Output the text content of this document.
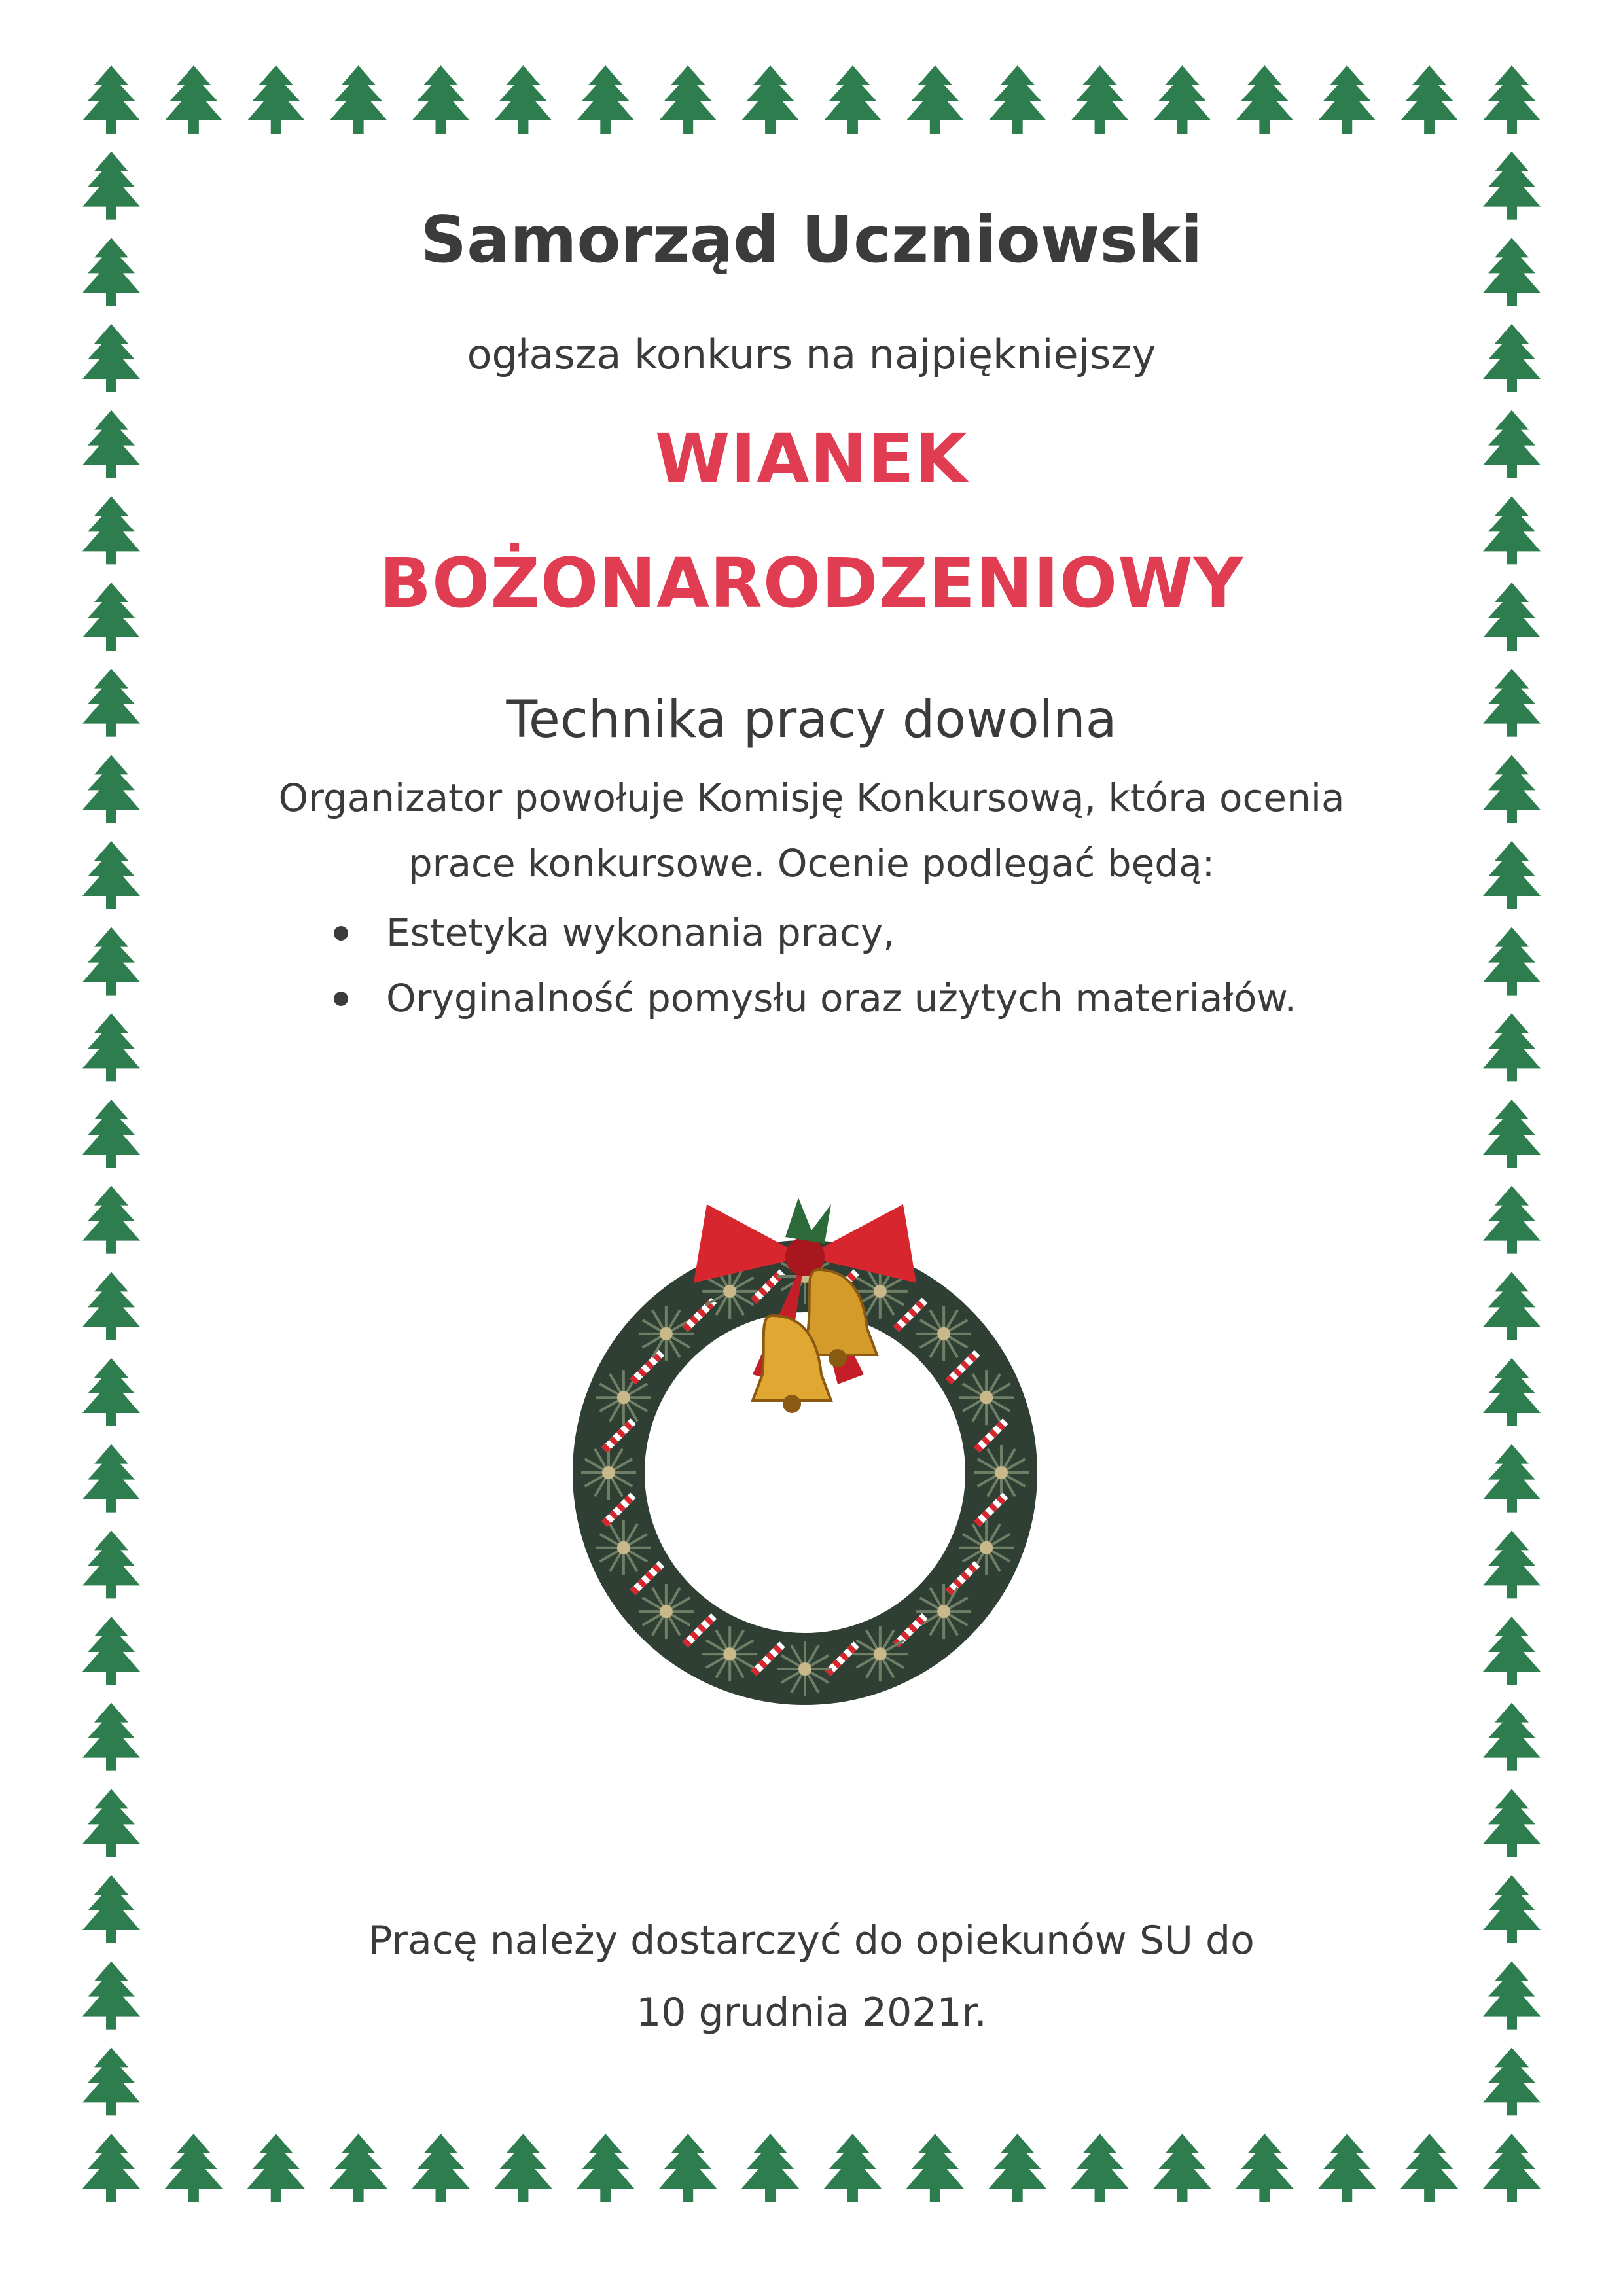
Samorząd Uczniowski
ogłasza konkurs na najpiękniejszy
WIANEK
BOŻONARODZENIOWY
Technika pracy dowolna
Organizator powołuje Komisję Konkursową, która ocenia
prace konkursowe. Ocenie podlegać będą:
Estetyka wykonania pracy,
Oryginalność pomysłu oraz użytych materiałów.
Pracę należy dostarczyć do opiekunów SU do
10 grudnia 2021r.
